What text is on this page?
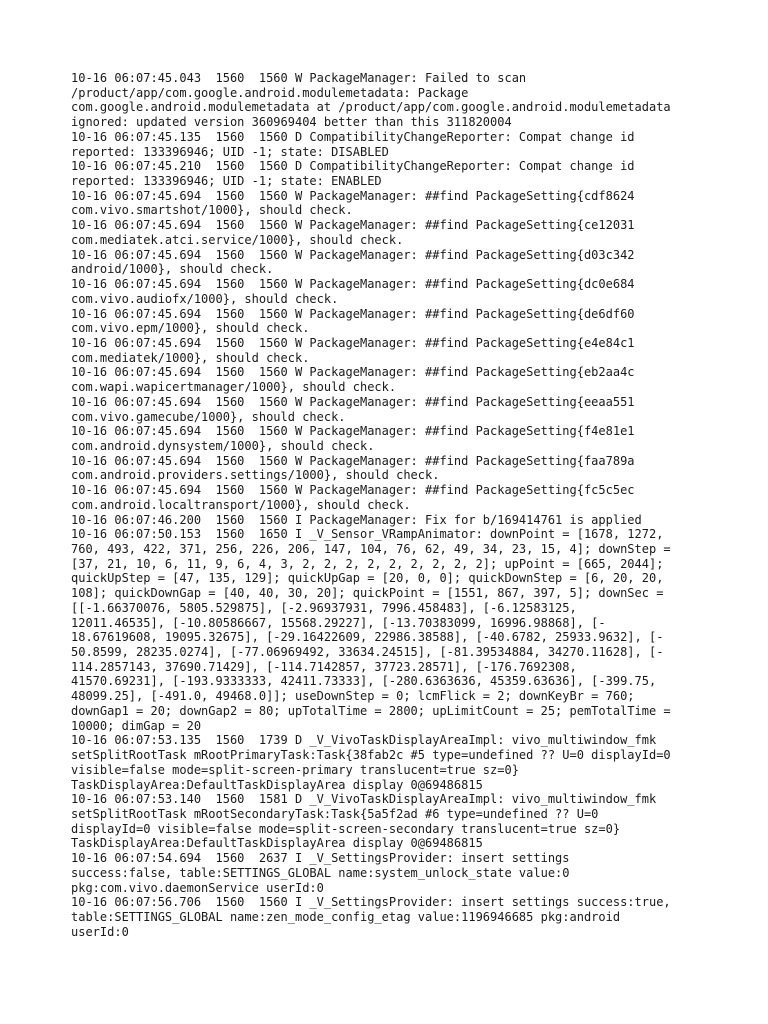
10-16 06:07:45.043  1560  1560 W PackageManager: Failed to scan
/product/app/com.google.android.modulemetadata: Package
com.google.android.modulemetadata at /product/app/com.google.android.modulemetadata
ignored: updated version 360969404 better than this 311820004
10-16 06:07:45.135  1560  1560 D CompatibilityChangeReporter: Compat change id
reported: 133396946; UID -1; state: DISABLED
10-16 06:07:45.210  1560  1560 D CompatibilityChangeReporter: Compat change id
reported: 133396946; UID -1; state: ENABLED
10-16 06:07:45.694  1560  1560 W PackageManager: ##find PackageSetting{cdf8624
com.vivo.smartshot/1000}, should check.
10-16 06:07:45.694  1560  1560 W PackageManager: ##find PackageSetting{ce12031
com.mediatek.atci.service/1000}, should check.
10-16 06:07:45.694  1560  1560 W PackageManager: ##find PackageSetting{d03c342
android/1000}, should check.
10-16 06:07:45.694  1560  1560 W PackageManager: ##find PackageSetting{dc0e684
com.vivo.audiofx/1000}, should check.
10-16 06:07:45.694  1560  1560 W PackageManager: ##find PackageSetting{de6df60
com.vivo.epm/1000}, should check.
10-16 06:07:45.694  1560  1560 W PackageManager: ##find PackageSetting{e4e84c1
com.mediatek/1000}, should check.
10-16 06:07:45.694  1560  1560 W PackageManager: ##find PackageSetting{eb2aa4c
com.wapi.wapicertmanager/1000}, should check.
10-16 06:07:45.694  1560  1560 W PackageManager: ##find PackageSetting{eeaa551
com.vivo.gamecube/1000}, should check.
10-16 06:07:45.694  1560  1560 W PackageManager: ##find PackageSetting{f4e81e1
com.android.dynsystem/1000}, should check.
10-16 06:07:45.694  1560  1560 W PackageManager: ##find PackageSetting{faa789a
com.android.providers.settings/1000}, should check.
10-16 06:07:45.694  1560  1560 W PackageManager: ##find PackageSetting{fc5c5ec
com.android.localtransport/1000}, should check.
10-16 06:07:46.200  1560  1560 I PackageManager: Fix for b/169414761 is applied
10-16 06:07:50.153  1560  1650 I _V_Sensor_VRampAnimator: downPoint = [1678, 1272,
760, 493, 422, 371, 256, 226, 206, 147, 104, 76, 62, 49, 34, 23, 15, 4]; downStep =
[37, 21, 10, 6, 11, 9, 6, 4, 3, 2, 2, 2, 2, 2, 2, 2, 2, 2]; upPoint = [665, 2044];
quickUpStep = [47, 135, 129]; quickUpGap = [20, 0, 0]; quickDownStep = [6, 20, 20,
108]; quickDownGap = [40, 40, 30, 20]; quickPoint = [1551, 867, 397, 5]; downSec =
[[-1.66370076, 5805.529875], [-2.96937931, 7996.458483], [-6.12583125,
12011.46535], [-10.80586667, 15568.29227], [-13.70383099, 16996.98868], [-
18.67619608, 19095.32675], [-29.16422609, 22986.38588], [-40.6782, 25933.9632], [-
50.8599, 28235.0274], [-77.06969492, 33634.24515], [-81.39534884, 34270.11628], [-
114.2857143, 37690.71429], [-114.7142857, 37723.28571], [-176.7692308,
41570.69231], [-193.9333333, 42411.73333], [-280.6363636, 45359.63636], [-399.75,
48099.25], [-491.0, 49468.0]]; useDownStep = 0; lcmFlick = 2; downKeyBr = 760;
downGap1 = 20; downGap2 = 80; upTotalTime = 2800; upLimitCount = 25; pemTotalTime =
10000; dimGap = 20
10-16 06:07:53.135  1560  1739 D _V_VivoTaskDisplayAreaImpl: vivo_multiwindow_fmk
setSplitRootTask mRootPrimaryTask:Task{38fab2c #5 type=undefined ?? U=0 displayId=0
visible=false mode=split-screen-primary translucent=true sz=0}
TaskDisplayArea:DefaultTaskDisplayArea display 0@69486815
10-16 06:07:53.140  1560  1581 D _V_VivoTaskDisplayAreaImpl: vivo_multiwindow_fmk
setSplitRootTask mRootSecondaryTask:Task{5a5f2ad #6 type=undefined ?? U=0
displayId=0 visible=false mode=split-screen-secondary translucent=true sz=0}
TaskDisplayArea:DefaultTaskDisplayArea display 0@69486815
10-16 06:07:54.694  1560  2637 I _V_SettingsProvider: insert settings
success:false, table:SETTINGS_GLOBAL name:system_unlock_state value:0
pkg:com.vivo.daemonService userId:0
10-16 06:07:56.706  1560  1560 I _V_SettingsProvider: insert settings success:true,
table:SETTINGS_GLOBAL name:zen_mode_config_etag value:1196946685 pkg:android
userId:0
